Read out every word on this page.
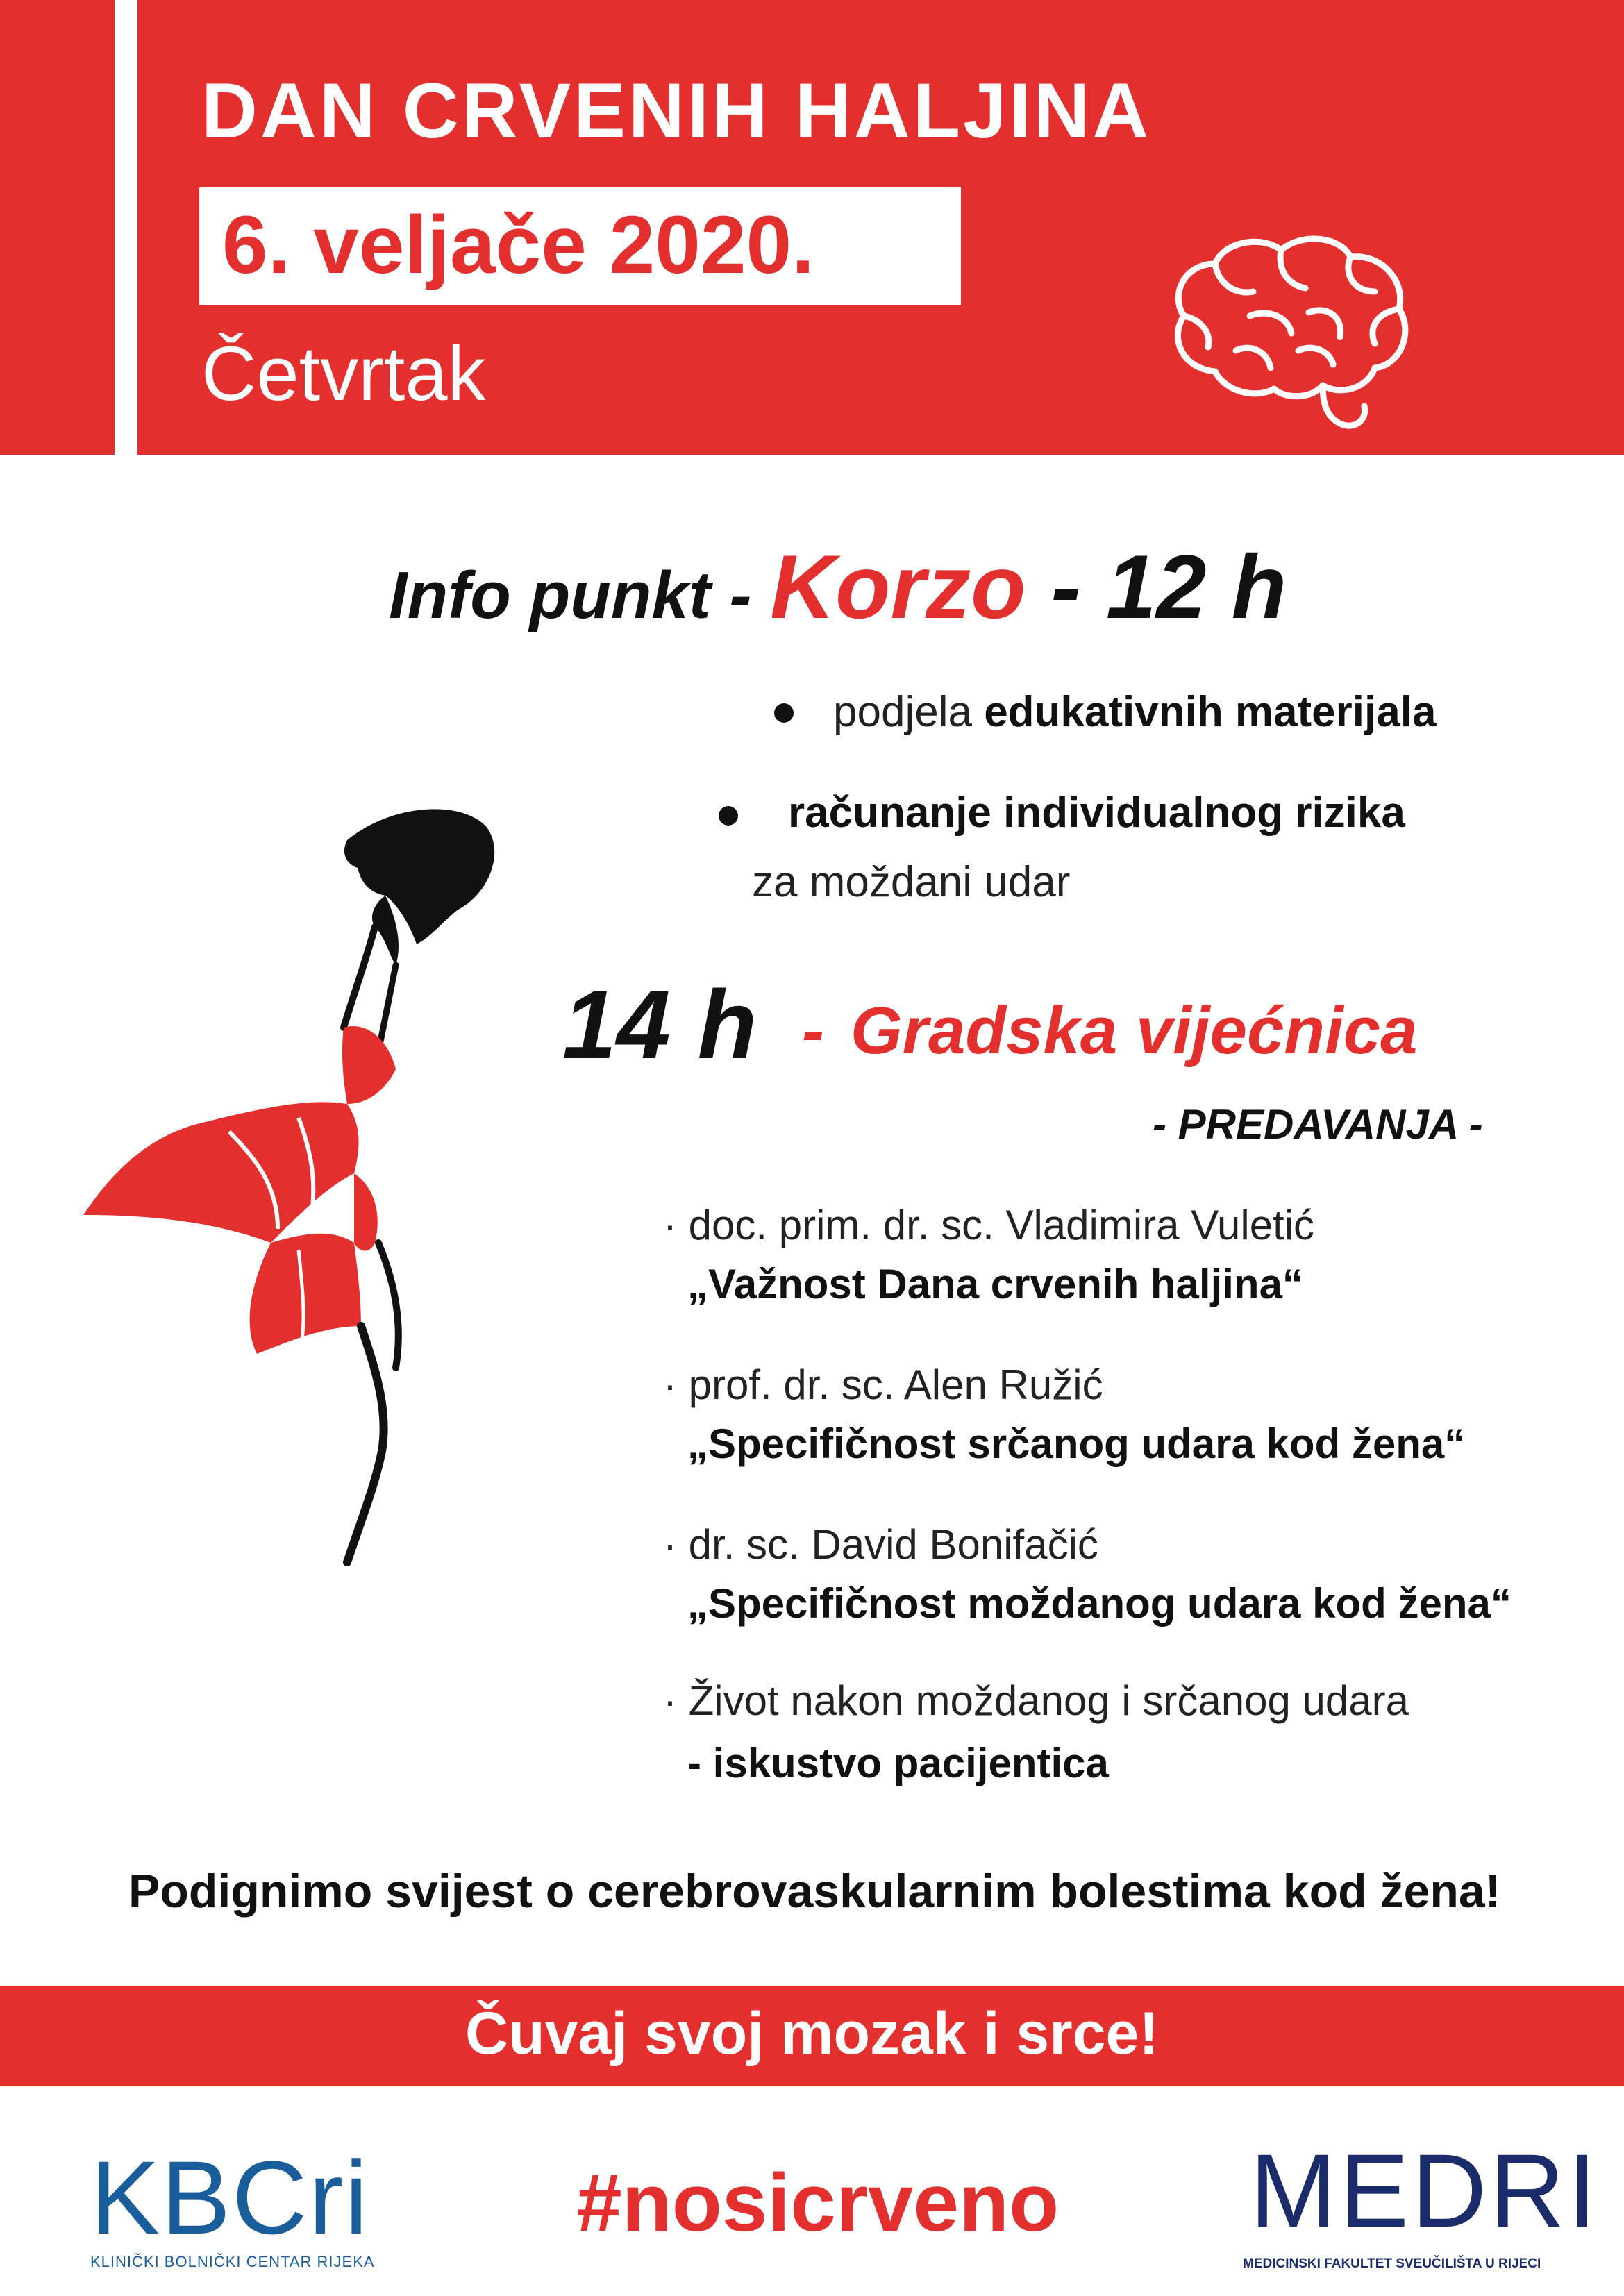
DAN CRVENIH HALJINA
6. veljače 2020.
Četvrtak
Info punkt - Korzo - 12 h
podjela edukativnih materijala
računanje individualnog rizika
za moždani udar
14 h - Gradska vijećnica
- PREDAVANJA -
· doc. prim. dr. sc. Vladimira Vuletić
„Važnost Dana crvenih haljina“
· prof. dr. sc. Alen Ružić
„Specifičnost srčanog udara kod žena“
· dr. sc. David Bonifačić
„Specifičnost moždanog udara kod žena“
· Život nakon moždanog i srčanog udara
- iskustvo pacijentica
Podignimo svijest o cerebrovaskularnim bolestima kod žena!
Čuvaj svoj mozak i srce!
KBCri
KLINIČKI BOLNIČKI CENTAR RIJEKA
#nosicrveno MEDRI
MEDICINSKI FAKULTET SVEUČILIŠTA U RIJECI
